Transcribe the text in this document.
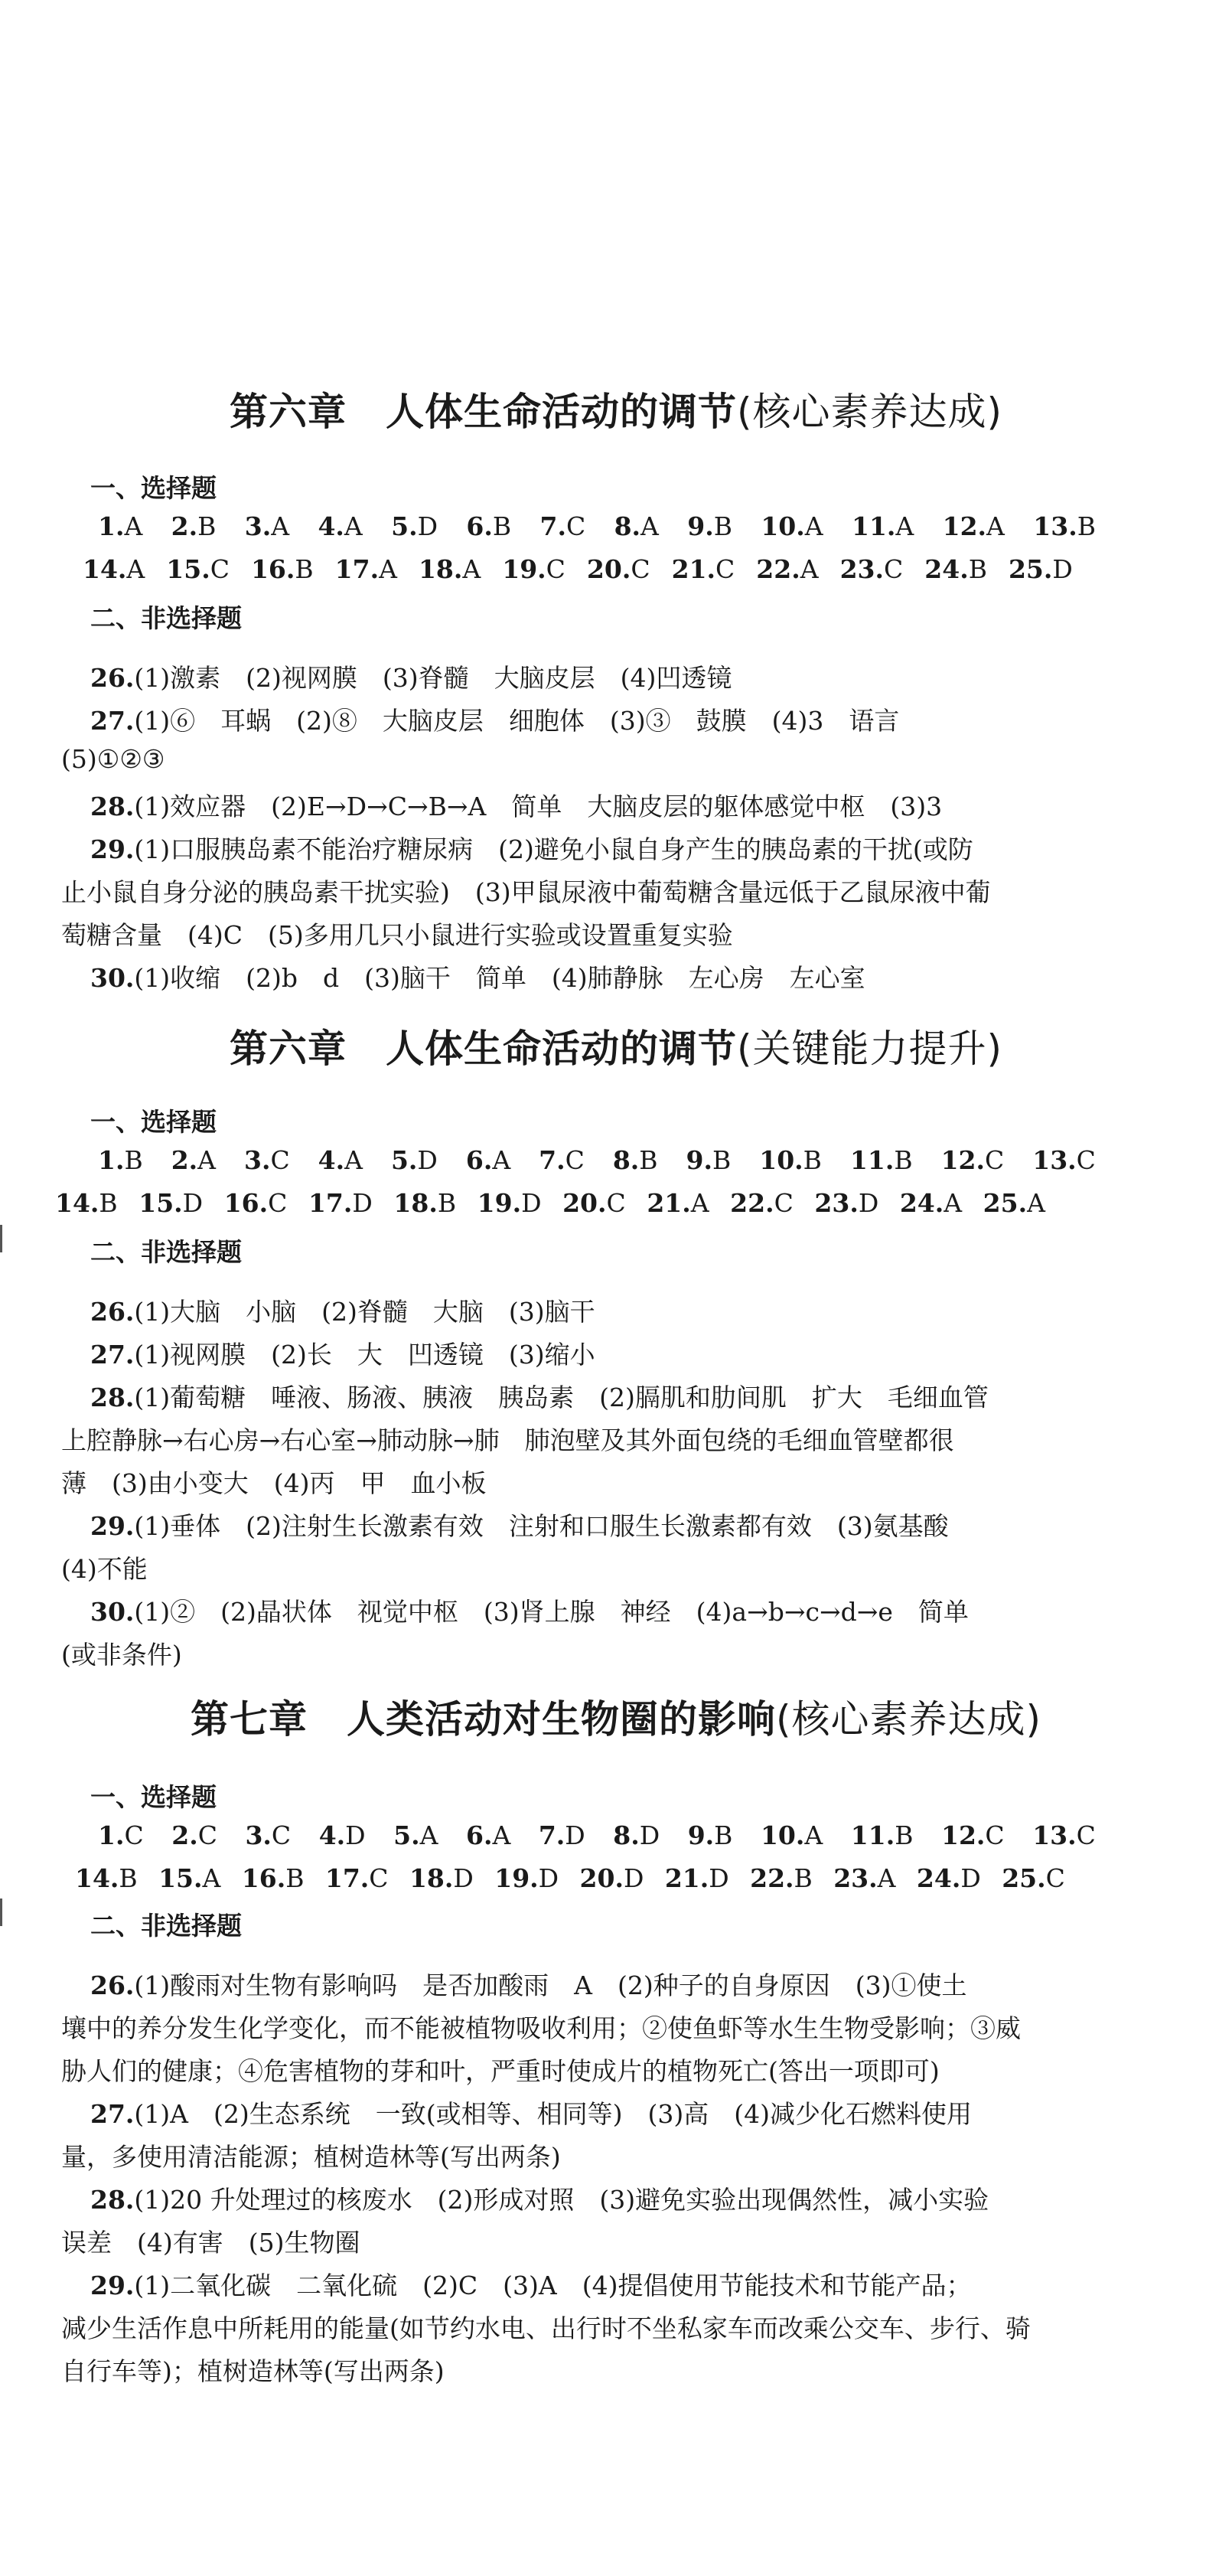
第六章　人体生命活动的调节(核心素养达成)
一、选择题
1.A 2.B 3.A 4.A 5.D 6.B 7.C 8.A 9.B 10.A 11.A 12.A 13.B
14.A 15.C 16.B 17.A 18.A 19.C 20.C 21.C 22.A 23.C 24.B 25.D
二、非选择题
26.(1)激素　(2)视网膜　(3)脊髓　大脑皮层　(4)凹透镜
27.(1)⑥　耳蜗　(2)⑧　大脑皮层　细胞体　(3)③　鼓膜　(4)3　语言
(5)①②③
28.(1)效应器　(2)E→D→C→B→A　简单　大脑皮层的躯体感觉中枢　(3)3
29.(1)口服胰岛素不能治疗糖尿病　(2)避免小鼠自身产生的胰岛素的干扰(或防
止小鼠自身分泌的胰岛素干扰实验)　(3)甲鼠尿液中葡萄糖含量远低于乙鼠尿液中葡
萄糖含量　(4)C　(5)多用几只小鼠进行实验或设置重复实验
30.(1)收缩　(2)b　d　(3)脑干　简单　(4)肺静脉　左心房　左心室
第六章　人体生命活动的调节(关键能力提升)
一、选择题
1.B 2.A 3.C 4.A 5.D 6.A 7.C 8.B 9.B 10.B 11.B 12.C 13.C
14.B 15.D 16.C 17.D 18.B 19.D 20.C 21.A 22.C 23.D 24.A 25.A
二、非选择题
26.(1)大脑　小脑　(2)脊髓　大脑　(3)脑干
27.(1)视网膜　(2)长　大　凹透镜　(3)缩小
28.(1)葡萄糖　唾液、肠液、胰液　胰岛素　(2)膈肌和肋间肌　扩大　毛细血管
上腔静脉→右心房→右心室→肺动脉→肺　肺泡壁及其外面包绕的毛细血管壁都很
薄　(3)由小变大　(4)丙　甲　血小板
29.(1)垂体　(2)注射生长激素有效　注射和口服生长激素都有效　(3)氨基酸
(4)不能
30.(1)②　(2)晶状体　视觉中枢　(3)肾上腺　神经　(4)a→b→c→d→e　简单
(或非条件)
第七章　人类活动对生物圈的影响(核心素养达成)
一、选择题
1.C 2.C 3.C 4.D 5.A 6.A 7.D 8.D 9.B 10.A 11.B 12.C 13.C
14.B 15.A 16.B 17.C 18.D 19.D 20.D 21.D 22.B 23.A 24.D 25.C
二、非选择题
26.(1)酸雨对生物有影响吗　是否加酸雨　A　(2)种子的自身原因　(3)①使土
壤中的养分发生化学变化，而不能被植物吸收利用；②使鱼虾等水生生物受影响；③威
胁人们的健康；④危害植物的芽和叶，严重时使成片的植物死亡(答出一项即可)
27.(1)A　(2)生态系统　一致(或相等、相同等)　(3)高　(4)减少化石燃料使用
量，多使用清洁能源；植树造林等(写出两条)
28.(1)20 升处理过的核废水　(2)形成对照　(3)避免实验出现偶然性，减小实验
误差　(4)有害　(5)生物圈
29.(1)二氧化碳　二氧化硫　(2)C　(3)A　(4)提倡使用节能技术和节能产品；
减少生活作息中所耗用的能量(如节约水电、出行时不坐私家车而改乘公交车、步行、骑
自行车等)；植树造林等(写出两条)
